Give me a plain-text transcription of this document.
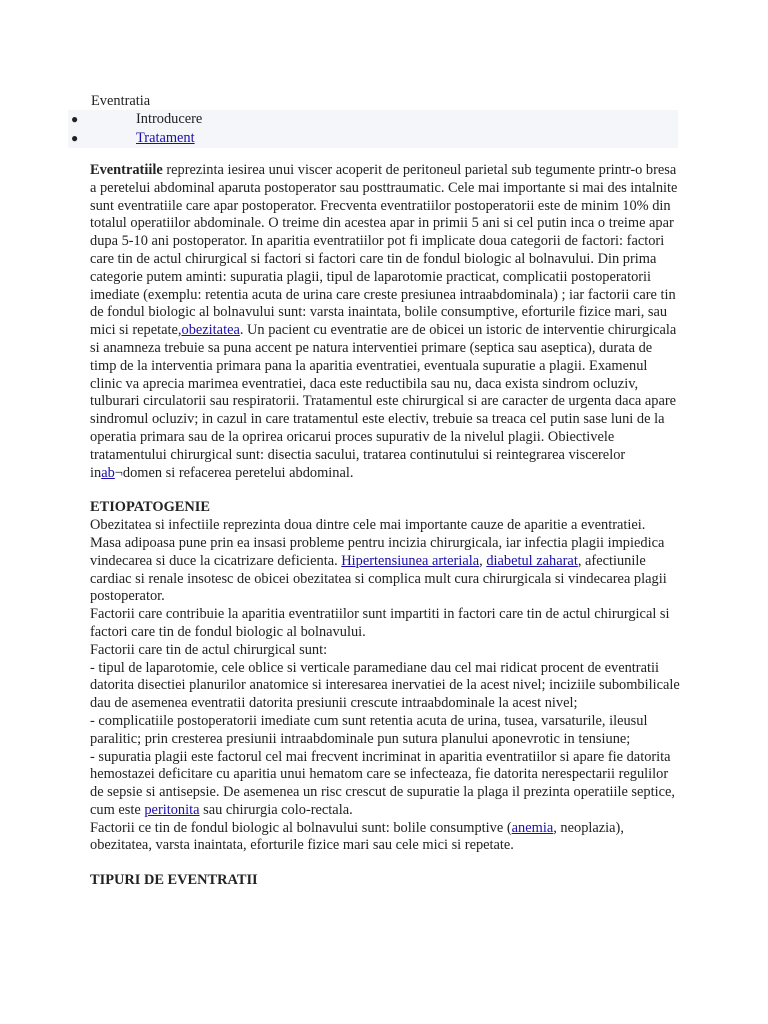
Eventratia
●	Introducere
●	Tratament

Eventratiile reprezinta iesirea unui viscer acoperit de peritoneul parietal sub tegumente printr-o bresa a peretelui abdominal aparuta postoperator sau posttraumatic. Cele mai importante si mai des intalnite sunt eventratiile care apar postoperator. Frecventa eventratiilor postoperatorii este de minim 10% din totalul operatiilor abdominale. O treime din acestea apar in primii 5 ani si cel putin inca o treime apar dupa 5-10 ani postoperator. In aparitia eventratiilor pot fi implicate doua categorii de factori: factori care tin de actul chirurgical si factori si factori care tin de fondul biologic al bolnavului. Din prima categorie putem aminti: supuratia plagii, tipul de laparotomie practicat, complicatii postoperatorii imediate (exemplu: retentia acuta de urina care creste presiunea intraabdominala) ; iar factorii care tin de fondul biologic al bolnavului sunt: varsta inaintata, bolile consumptive, eforturile fizice mari, sau mici si repetate,obezitatea. Un pacient cu eventratie are de obicei un istoric de interventie chirurgicala si anamneza trebuie sa puna accent pe natura interventiei primare (septica sau aseptica), durata de timp de la interventia primara pana la aparitia eventratiei, eventuala supuratie a plagii. Examenul clinic va aprecia marimea eventratiei, daca este reductibila sau nu, daca exista sindrom ocluziv, tulburari circulatorii sau respiratorii. Tratamentul este chirurgical si are caracter de urgenta daca apare sindromul ocluziv; in cazul in care tratamentul este electiv, trebuie sa treaca cel putin sase luni de la operatia primara sau de la oprirea oricarui proces supurativ de la nivelul plagii. Obiectivele tratamentului chirurgical sunt: disectia sacului, tratarea continutului si reintegrarea viscerelor inab¬domen si refacerea peretelui abdominal.

ETIOPATOGENIE

Obezitatea si infectiile reprezinta doua dintre cele mai importante cauze de aparitie a eventratiei. Masa adipoasa pune prin ea insasi probleme pentru incizia chirurgicala, iar infectia plagii impiedica vindecarea si duce la cicatrizare deficienta. Hipertensiunea arteriala, diabetul zaharat, afectiunile cardiac si renale insotesc de obicei obezitatea si complica mult cura chirurgicala si vindecarea plagii postoperator.

Factorii care contribuie la aparitia eventratiilor sunt impartiti in factori care tin de actul chirurgical si factori care tin de fondul biologic al bolnavului.

Factorii care tin de actul chirurgical sunt:

- tipul de laparotomie, cele oblice si verticale paramediane dau cel mai ridicat procent de eventratii datorita disectiei planurilor anatomice si interesarea inervatiei de la acest nivel; inciziile subombilicale dau de asemenea eventratii datorita presiunii crescute intraabdominale la acest nivel;

- complicatiile postoperatorii imediate cum sunt retentia acuta de urina, tusea, varsaturile, ileusul paralitic; prin cresterea presiunii intraabdominale pun sutura planului aponevrotic in tensiune;

- supuratia plagii este factorul cel mai frecvent incriminat in aparitia eventratiilor si apare fie datorita hemostazei deficitare cu aparitia unui hematom care se infecteaza, fie datorita nerespectarii regulilor de sepsie si antisepsie. De asemenea un risc crescut de supuratie la plaga il prezinta operatiile septice, cum este peritonita sau chirurgia colo-rectala.

Factorii ce tin de fondul biologic al bolnavului sunt: bolile consumptive (anemia, neoplazia), obezitatea, varsta inaintata, eforturile fizice mari sau cele mici si repetate.

TIPURI DE EVENTRATII
